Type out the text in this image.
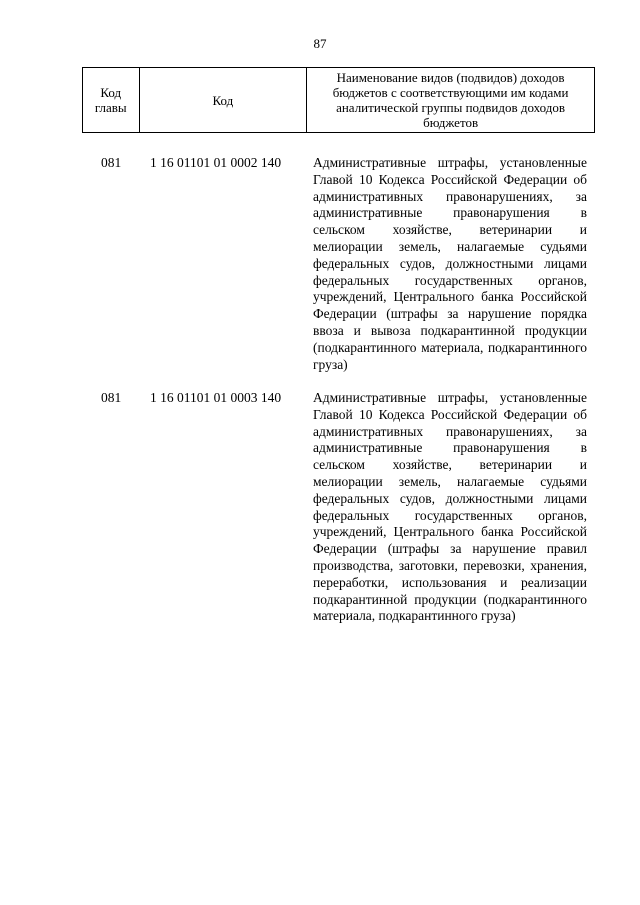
87
Код главы	Код	Наименование видов (подвидов) доходов бюджетов с соответствующими им кодами аналитической группы подвидов доходов бюджетов
081	1 16 01101 01 0002 140	Административные штрафы, установленные Главой 10 Кодекса Российской Федерации об административных правонарушениях, за административные правонарушения в сельском хозяйстве, ветеринарии и мелиорации земель, налагаемые судьями федеральных судов, должностными лицами федеральных государственных органов, учреждений, Центрального банка Российской Федерации (штрафы за нарушение порядка ввоза и вывоза подкарантинной продукции (подкарантинного материала, подкарантинного груза)
081	1 16 01101 01 0003 140	Административные штрафы, установленные Главой 10 Кодекса Российской Федерации об административных правонарушениях, за административные правонарушения в сельском хозяйстве, ветеринарии и мелиорации земель, налагаемые судьями федеральных судов, должностными лицами федеральных государственных органов, учреждений, Центрального банка Российской Федерации (штрафы за нарушение правил производства, заготовки, перевозки, хранения, переработки, использования и реализации подкарантинной продукции (подкарантинного материала, подкарантинного груза)
